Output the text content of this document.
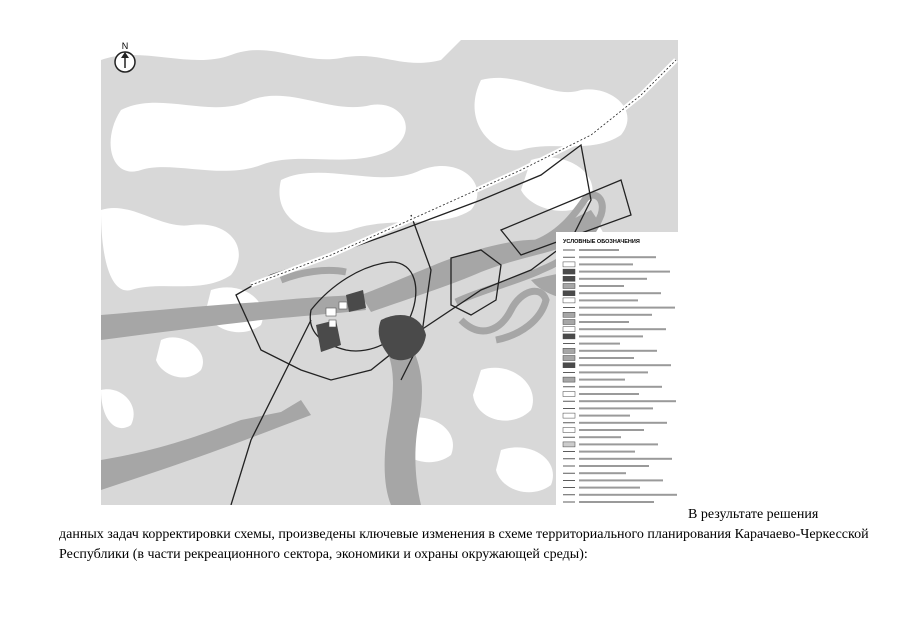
N
УСЛОВНЫЕ ОБОЗНАЧЕНИЯ
В результате решения
данных задач корректировки схемы, произведены ключевые изменения в схеме территориального планирования Карачаево-Черкесской Республики (в части рекреационного сектора, экономики и охраны окружающей среды):
